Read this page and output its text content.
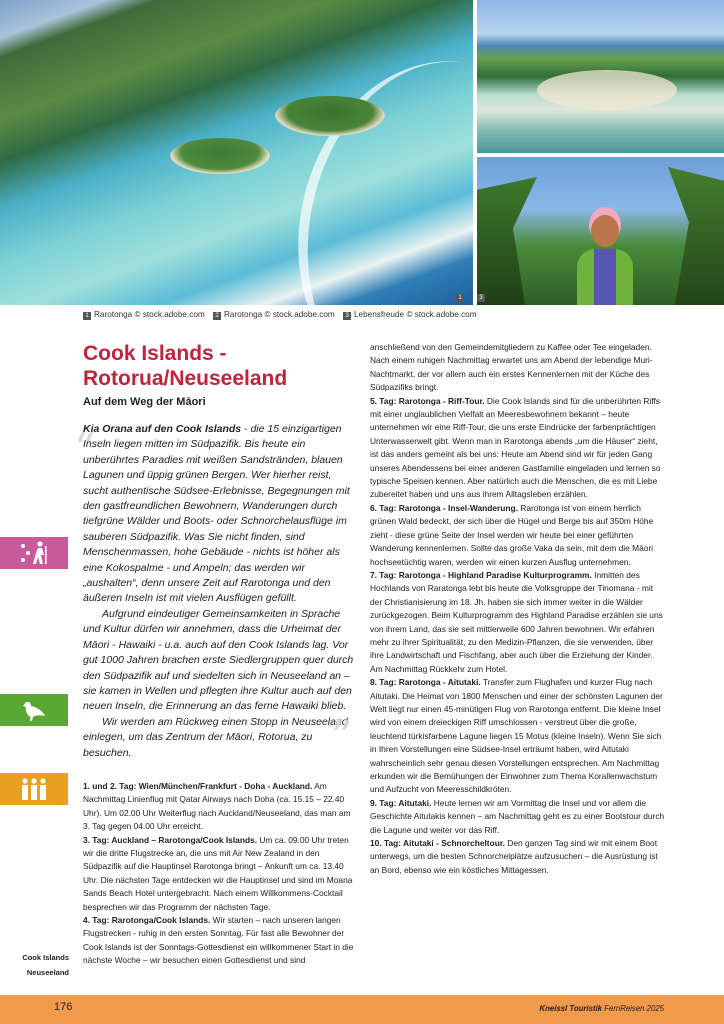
1	3
1 Rarotonga © stock.adobe.com 2 Rarotonga © stock.adobe.com 3 Lebensfreude © stock.adobe.com
Cook Islands - Rotorua/Neuseeland
Auf dem Weg der Māori
“

Kia Orana auf den Cook Islands - die 15 einzigartigen Inseln liegen mitten im Südpazifik. Bis heute ein unberührtes Paradies mit weißen Sandstränden, blauen Lagunen und üppig grünen Bergen. Wer hierher reist, sucht authentische Südsee-Erlebnisse, Begegnungen mit den gastfreundlichen Bewohnern, Wanderungen durch tiefgrüne Wälder und Boots- oder Schnorchelausflüge im sauberen Südpazifik. Was Sie nicht finden, sind Menschenmassen, hohe Gebäude - nichts ist höher als eine Kokospalme - und Ampeln; das werden wir „aushalten“, denn unsere Zeit auf Rarotonga und den äußeren Inseln ist mit vielen Ausflügen gefüllt.

Aufgrund eindeutiger Gemeinsamkeiten in Sprache und Kultur dürfen wir annehmen, dass die Urheimat der Māori - Hawaiki - u.a. auch auf den Cook Islands lag. Vor gut 1000 Jahren brachen erste Siedlergruppen quer durch den Südpazifik auf und siedelten sich in Neuseeland an – sie kamen in Wellen und pflegten ihre Kultur auch auf den neuen Inseln, die Erinnerung an das ferne Hawaiki blieb.

Wir werden am Rückweg einen Stopp in Neuseeland einlegen, um das Zentrum der Māori, Rotorua, zu besuchen.	”

1. und 2. Tag: Wien/München/Frankfurt - Doha - Auckland. Am Nachmittag Linienflug mit Qatar Airways nach Doha (ca. 15.15 – 22.40 Uhr). Um 02.00 Uhr Weiterflug nach Auckland/Neuseeland, das man am 3. Tag gegen 04.00 Uhr erreicht.

3. Tag: Auckland – Rarotonga/Cook Islands. Um ca. 09.00 Uhr treten wir die dritte Flugstrecke an, die uns mit Air New Zealand in den Südpazifik auf die Hauptinsel Rarotonga bringt – Ankunft um ca. 13.40 Uhr. Die nächsten Tage entdecken wir die Hauptinsel und sind im Moana Sands Beach Hotel untergebracht. Nach einem Willkommens-Cocktail besprechen wir das Programm der nächsten Tage.

4. Tag: Rarotonga/Cook Islands. Wir starten – nach unseren langen Flugstrecken - ruhig in den ersten Sonntag. Für fast alle Bewohner der Cook Islands ist der Sonntags-Gottesdienst ein willkommener Start in die nächste Woche – wir besuchen einen Gottesdienst und sind

anschließend von den Gemeindemitgliedern zu Kaffee oder Tee eingeladen. Nach einem ruhigen Nachmittag erwartet uns am Abend der lebendige Muri-Nachtmarkt, der vor allem auch ein erstes Kennenlernen mit der Küche des Südpazifiks bringt.

5. Tag: Rarotonga - Riff-Tour. Die Cook Islands sind für die unberührten Riffs mit einer unglaublichen Vielfalt an Meeresbewohnern bekannt – heute unternehmen wir eine Riff-Tour, die uns erste Eindrücke der farbenprächtigen Unterwasserwelt gibt. Wenn man in Rarotonga abends „um die Häuser“ zieht, ist das anders gemeint als bei uns: Heute am Abend sind wir für jeden Gang unseres Abendessens bei einer anderen Gastfamilie eingeladen und lernen so typische Speisen kennen. Aber natürlich auch die Menschen, die es mit Liebe zubereitet haben und uns aus ihrem Alltagsleben erzählen.

6. Tag: Rarotonga - Insel-Wanderung. Rarotonga ist von einem herrlich grünen Wald bedeckt, der sich über die Hügel und Berge bis auf 350m Höhe zieht - diese grüne Seite der Insel werden wir heute bei einer geführten Wanderung kennenlernen. Sollte das große Vaka da sein, mit dem die Māori hochseetüchtig waren, werden wir einen kurzen Ausflug unternehmen.

7. Tag: Rarotonga - Highland Paradise Kulturprogramm. Inmitten des Hochlands von Raratonga lebt bis heute die Volksgruppe der Tinomana - mit der Christianisierung im 18. Jh. haben sie sich immer weiter in die Wälder zurückgezogen. Beim Kulturprogramm des Highland Paradise erzählen sie uns von ihrem Land, das sie seit mittlerweile 600 Jahren bewohnen. Wir erfahren mehr zu ihrer Spiritualität, zu den Medizin-Pflanzen, die sie verwenden, über ihre Landwirtschaft und Fischfang, aber auch über die Erziehung der Kinder. Am Nachmittag Rückkehr zum Hotel.

8. Tag: Rarotonga - Aitutaki. Transfer zum Flughafen und kurzer Flug nach Aitutaki. Die Heimat von 1800 Menschen und einer der schönsten Lagunen der Welt liegt nur einen 45-minütigen Flug von Rarotonga entfernt. Die kleine Insel wird von einem dreieckigen Riff umschlossen - verstreut über die große, leuchtend türkisfarbene Lagune liegen 15 Motus (kleine Inseln). Wenn Sie sich in Ihren Vorstellungen eine Südsee-Insel erträumt haben, wird Aitutaki wahrscheinlich sehr genau diesen Vorstellungen entsprechen. Am Nachmittag erkunden wir die Bemühungen der Einwohner zum Thema Korallenwachstum und Aufzucht von Meeresschildkröten.

9. Tag: Aitutaki. Heute lernen wir am Vormittag die Insel und vor allem die Geschichte Aitutakis kennen – am Nachmittag geht es zu einer Bootstour durch die Lagune und weiter vor das Riff.

10. Tag: Aitutaki - Schnorcheltour. Den ganzen Tag sind wir mit einem Boot unterwegs, um die besten Schnorchelplätze aufzusuchen – die Ausrüstung ist an Bord, ebenso wie ein köstliches Mittagessen.

Cook Islands
Neuseeland
176	Kneissl Touristik FernReisen 2025
